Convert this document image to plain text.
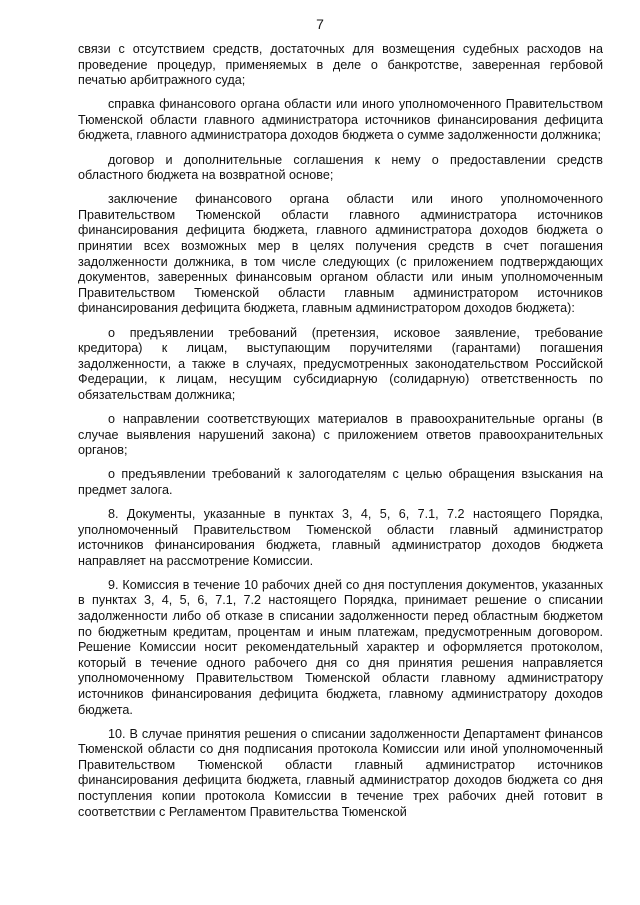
7

связи с отсутствием средств, достаточных для возмещения судебных расходов на проведение процедур, применяемых в деле о банкротстве, заверенная гербовой печатью арбитражного суда;

справка финансового органа области или иного уполномоченного Правительством Тюменской области главного администратора источников финансирования дефицита бюджета, главного администратора доходов бюджета о сумме задолженности должника;

договор и дополнительные соглашения к нему о предоставлении средств областного бюджета на возвратной основе;

заключение финансового органа области или иного уполномоченного Правительством Тюменской области главного администратора источников финансирования дефицита бюджета, главного администратора доходов бюджета о принятии всех возможных мер в целях получения средств в счет погашения задолженности должника, в том числе следующих (с приложением подтверждающих документов, заверенных финансовым органом области или иным уполномоченным Правительством Тюменской области главным администратором источников финансирования дефицита бюджета, главным администратором доходов бюджета):

о предъявлении требований (претензия, исковое заявление, требование кредитора) к лицам, выступающим поручителями (гарантами) погашения задолженности, а также в случаях, предусмотренных законодательством Российской Федерации, к лицам, несущим субсидиарную (солидарную) ответственность по обязательствам должника;

о направлении соответствующих материалов в правоохранительные органы (в случае выявления нарушений закона) с приложением ответов правоохранительных органов;

о предъявлении требований к залогодателям с целью обращения взыскания на предмет залога.

8. Документы, указанные в пунктах 3, 4, 5, 6, 7.1, 7.2 настоящего Порядка, уполномоченный Правительством Тюменской области главный администратор источников финансирования бюджета, главный администратор доходов бюджета направляет на рассмотрение Комиссии.

9. Комиссия в течение 10 рабочих дней со дня поступления документов, указанных в пунктах 3, 4, 5, 6, 7.1, 7.2 настоящего Порядка, принимает решение о списании задолженности либо об отказе в списании задолженности перед областным бюджетом по бюджетным кредитам, процентам и иным платежам, предусмотренным договором. Решение Комиссии носит рекомендательный характер и оформляется протоколом, который в течение одного рабочего дня со дня принятия решения направляется уполномоченному Правительством Тюменской области главному администратору источников финансирования дефицита бюджета, главному администратору доходов бюджета.

10. В случае принятия решения о списании задолженности Департамент финансов Тюменской области со дня подписания протокола Комиссии или иной уполномоченный Правительством Тюменской области главный администратор источников финансирования дефицита бюджета, главный администратор доходов бюджета со дня поступления копии протокола Комиссии в течение трех рабочих дней готовит в соответствии с Регламентом Правительства Тюменской
